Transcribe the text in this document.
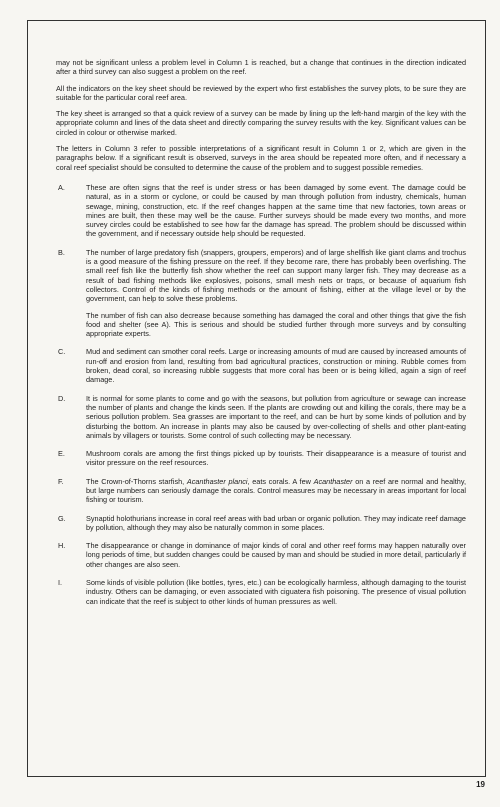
may not be significant unless a problem level in Column 1 is reached, but a change that continues in the direction indicated after a third survey can also suggest a problem on the reef.

All the indicators on the key sheet should be reviewed by the expert who first establishes the survey plots, to be sure they are suitable for the particular coral reef area.

The key sheet is arranged so that a quick review of a survey can be made by lining up the left-hand margin of the key with the appropriate column and lines of the data sheet and directly comparing the survey results with the key. Significant values can be circled in colour or otherwise marked.

The letters in Column 3 refer to possible interpretations of a significant result in Column 1 or 2, which are given in the paragraphs below. If a significant result is observed, surveys in the area should be repeated more often, and if necessary a coral reef specialist should be consulted to determine the cause of the problem and to suggest possible remedies.

A.	These are often signs that the reef is under stress or has been damaged by some event. The damage could be natural, as in a storm or cyclone, or could be caused by man through pollution from industry, chemicals, human sewage, mining, construction, etc. If the reef changes happen at the same time that new factories, town areas or mines are built, then these may well be the cause. Further surveys should be made every two months, and more survey circles could be established to see how far the damage has spread. The problem should be discussed within the government, and if necessary outside help should be requested.

B.	The number of large predatory fish (snappers, groupers, emperors) and of large shellfish like giant clams and trochus is a good measure of the fishing pressure on the reef. If they become rare, there has probably been overfishing. The small reef fish like the butterfly fish show whether the reef can support many larger fish. They may decrease as a result of bad fishing methods like explosives, poisons, small mesh nets or traps, or because of aquarium fish collectors. Control of the kinds of fishing methods or the amount of fishing, either at the village level or by the government, can help to solve these problems.

The number of fish can also decrease because something has damaged the coral and other things that give the fish food and shelter (see A). This is serious and should be studied further through more surveys and by consulting appropriate experts.

C.	Mud and sediment can smother coral reefs. Large or increasing amounts of mud are caused by increased amounts of run-off and erosion from land, resulting from bad agricultural practices, construction or mining. Rubble comes from broken, dead coral, so increasing rubble suggests that more coral has been or is being killed, again a sign of reef damage.

D.	It is normal for some plants to come and go with the seasons, but pollution from agriculture or sewage can increase the number of plants and change the kinds seen. If the plants are crowding out and killing the corals, there may be a serious pollution problem. Sea grasses are important to the reef, and can be hurt by some kinds of pollution and by disturbing the bottom. An increase in plants may also be caused by over-collecting of shells and other plant-eating animals by villagers or tourists. Some control of such collecting may be necessary.

E.	Mushroom corals are among the first things picked up by tourists. Their disappearance is a measure of tourist and visitor pressure on the reef resources.

F.	The Crown-of-Thorns starfish, Acanthaster planci, eats corals. A few Acanthaster on a reef are normal and healthy, but large numbers can seriously damage the corals. Control measures may be necessary in areas important for local fishing or tourism.

G.	Synaptid holothurians increase in coral reef areas with bad urban or organic pollution. They may indicate reef damage by pollution, although they may also be naturally common in some places.

H.	The disappearance or change in dominance of major kinds of coral and other reef forms may happen naturally over long periods of time, but sudden changes could be caused by man and should be studied in more detail, particularly if other changes are also seen.

I.	Some kinds of visible pollution (like bottles, tyres, etc.) can be ecologically harmless, although damaging to the tourist industry. Others can be damaging, or even associated with ciguatera fish poisoning. The presence of visual pollution can indicate that the reef is subject to other kinds of human pressures as well.

19
